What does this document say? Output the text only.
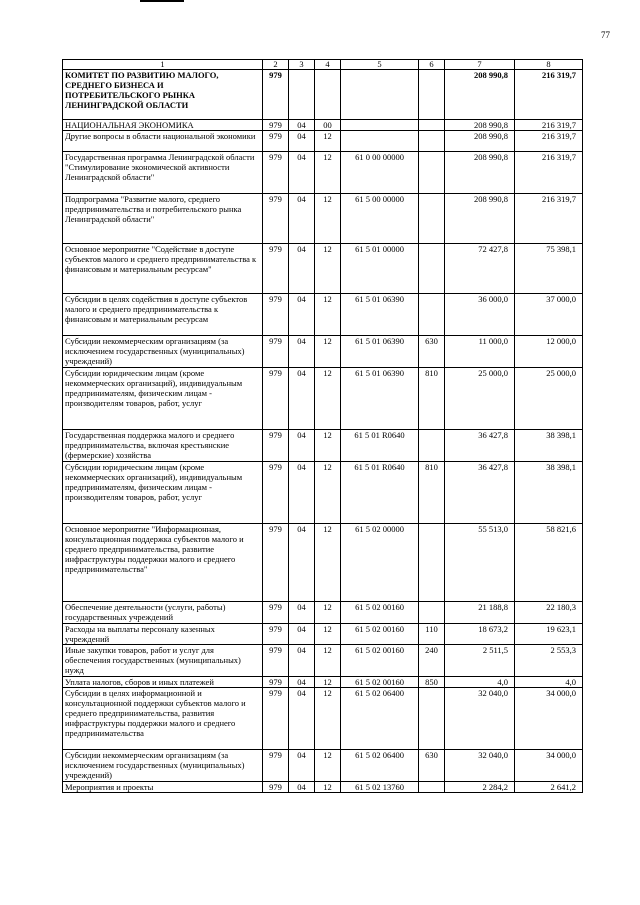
77
1	2	3	4	5	6	7	8
КОМИТЕТ ПО РАЗВИТИЮ МАЛОГО, СРЕДНЕГО БИЗНЕСА И ПОТРЕБИТЕЛЬСКОГО РЫНКА ЛЕНИНГРАДСКОЙ ОБЛАСТИ	979					208 990,8	216 319,7
НАЦИОНАЛЬНАЯ ЭКОНОМИКА	979	04	00			208 990,8	216 319,7
Другие вопросы в области национальной экономики	979	04	12			208 990,8	216 319,7
Государственная программа Ленинградской области "Стимулирование экономической активности Ленинградской области"	979	04	12	61 0 00 00000		208 990,8	216 319,7
Подпрограмма "Развитие малого, среднего предпринимательства и потребительского рынка Ленинградской области"	979	04	12	61 5 00 00000		208 990,8	216 319,7
Основное мероприятие "Содействие в доступе субъектов малого и среднего предпринимательства к финансовым и материальным ресурсам"	979	04	12	61 5 01 00000		72 427,8	75 398,1
Субсидии в целях содействия в доступе субъектов малого и среднего предпринимательства к финансовым и материальным ресурсам	979	04	12	61 5 01 06390		36 000,0	37 000,0
Субсидии некоммерческим организациям (за исключением государственных (муниципальных) учреждений)	979	04	12	61 5 01 06390	630	11 000,0	12 000,0
Субсидии юридическим лицам (кроме некоммерческих организаций), индивидуальным предпринимателям, физическим лицам - производителям товаров, работ, услуг	979	04	12	61 5 01 06390	810	25 000,0	25 000,0
Государственная поддержка малого и среднего предпринимательства, включая крестьянские (фермерские) хозяйства	979	04	12	61 5 01 R0640		36 427,8	38 398,1
Субсидии юридическим лицам (кроме некоммерческих организаций), индивидуальным предпринимателям, физическим лицам - производителям товаров, работ, услуг	979	04	12	61 5 01 R0640	810	36 427,8	38 398,1
Основное мероприятие "Информационная, консультационная поддержка субъектов малого и среднего предпринимательства, развитие инфраструктуры поддержки малого и среднего предпринимательства"	979	04	12	61 5 02 00000		55 513,0	58 821,6
Обеспечение деятельности (услуги, работы) государственных учреждений	979	04	12	61 5 02 00160		21 188,8	22 180,3
Расходы на выплаты персоналу казенных учреждений	979	04	12	61 5 02 00160	110	18 673,2	19 623,1
Иные закупки товаров, работ и услуг для обеспечения государственных (муниципальных) нужд	979	04	12	61 5 02 00160	240	2 511,5	2 553,3
Уплата налогов, сборов и иных платежей	979	04	12	61 5 02 00160	850	4,0	4,0
Субсидии в целях информационной и консультационной поддержки субъектов малого и среднего предпринимательства, развития инфраструктуры поддержки малого и среднего предпринимательства	979	04	12	61 5 02 06400		32 040,0	34 000,0
Субсидии некоммерческим организациям (за исключением государственных (муниципальных) учреждений)	979	04	12	61 5 02 06400	630	32 040,0	34 000,0
Мероприятия и проекты	979	04	12	61 5 02 13760		2 284,2	2 641,2
